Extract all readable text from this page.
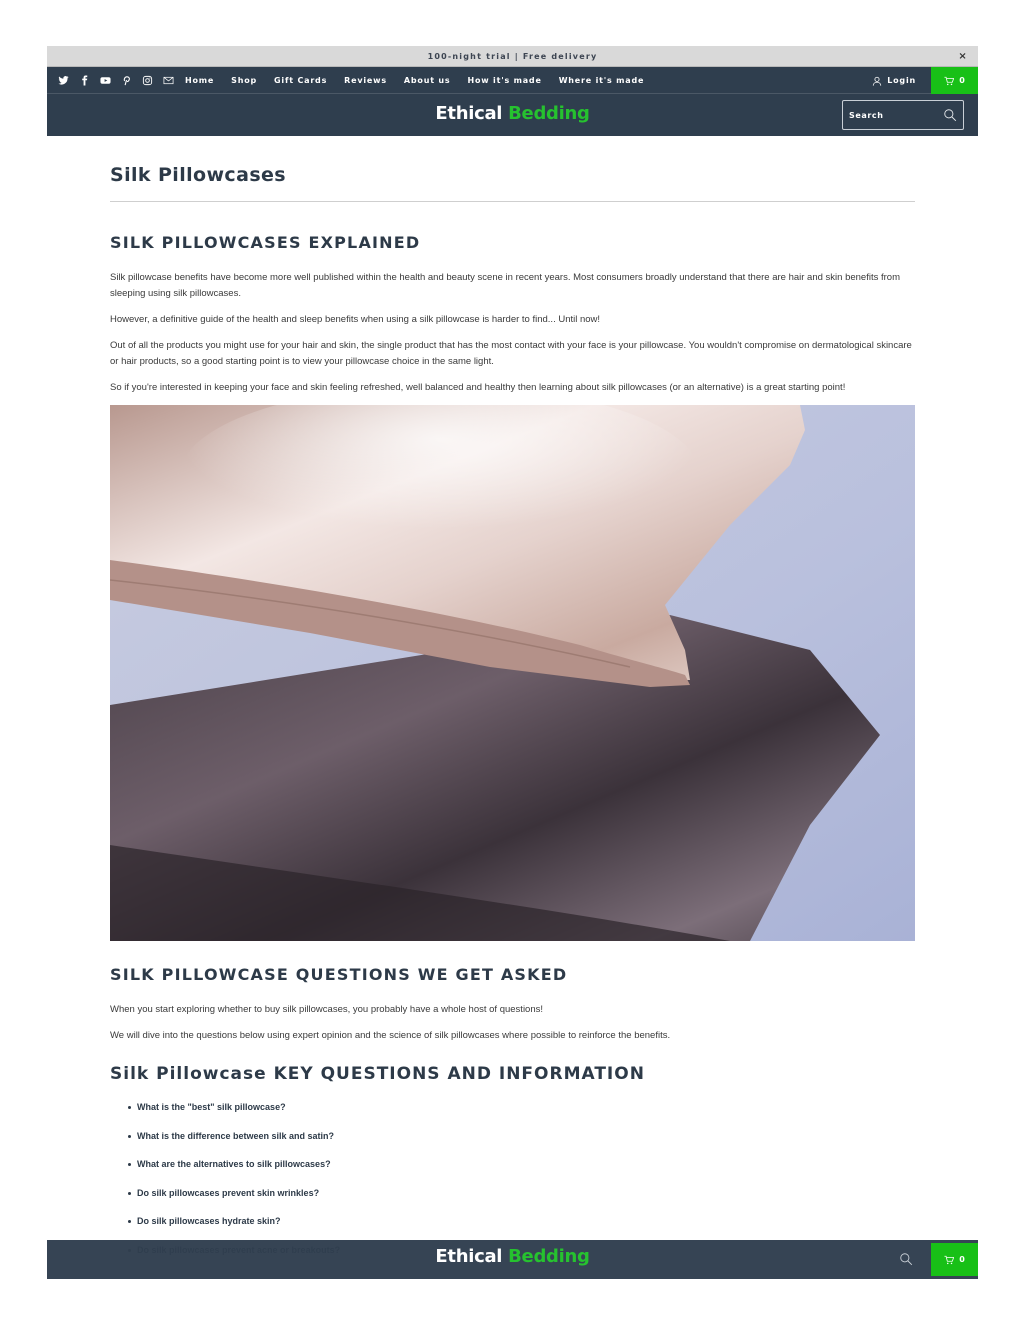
100-night trial | Free delivery	×
Home Shop Gift Cards Reviews About us How it's made Where it's made	Login	0
Ethical Bedding
Search
Silk Pillowcases
SILK PILLOWCASES EXPLAINED

Silk pillowcase benefits have become more well published within the health and beauty scene in recent years. Most consumers broadly understand that there are hair and skin benefits from sleeping using silk pillowcases.

However, a definitive guide of the health and sleep benefits when using a silk pillowcase is harder to find... Until now!

Out of all the products you might use for your hair and skin, the single product that has the most contact with your face is your pillowcase. You wouldn't compromise on dermatological skincare or hair products, so a good starting point is to view your pillowcase choice in the same light.

So if you're interested in keeping your face and skin feeling refreshed, well balanced and healthy then learning about silk pillowcases (or an alternative) is a great starting point!

SILK PILLOWCASE QUESTIONS WE GET ASKED

When you start exploring whether to buy silk pillowcases, you probably have a whole host of questions!

We will dive into the questions below using expert opinion and the science of silk pillowcases where possible to reinforce the benefits.

Silk Pillowcase KEY QUESTIONS AND INFORMATION
What is the "best" silk pillowcase?
What is the difference between silk and satin?
What are the alternatives to silk pillowcases?
Do silk pillowcases prevent skin wrinkles?
Do silk pillowcases hydrate skin?
Ethical Bedding	0
